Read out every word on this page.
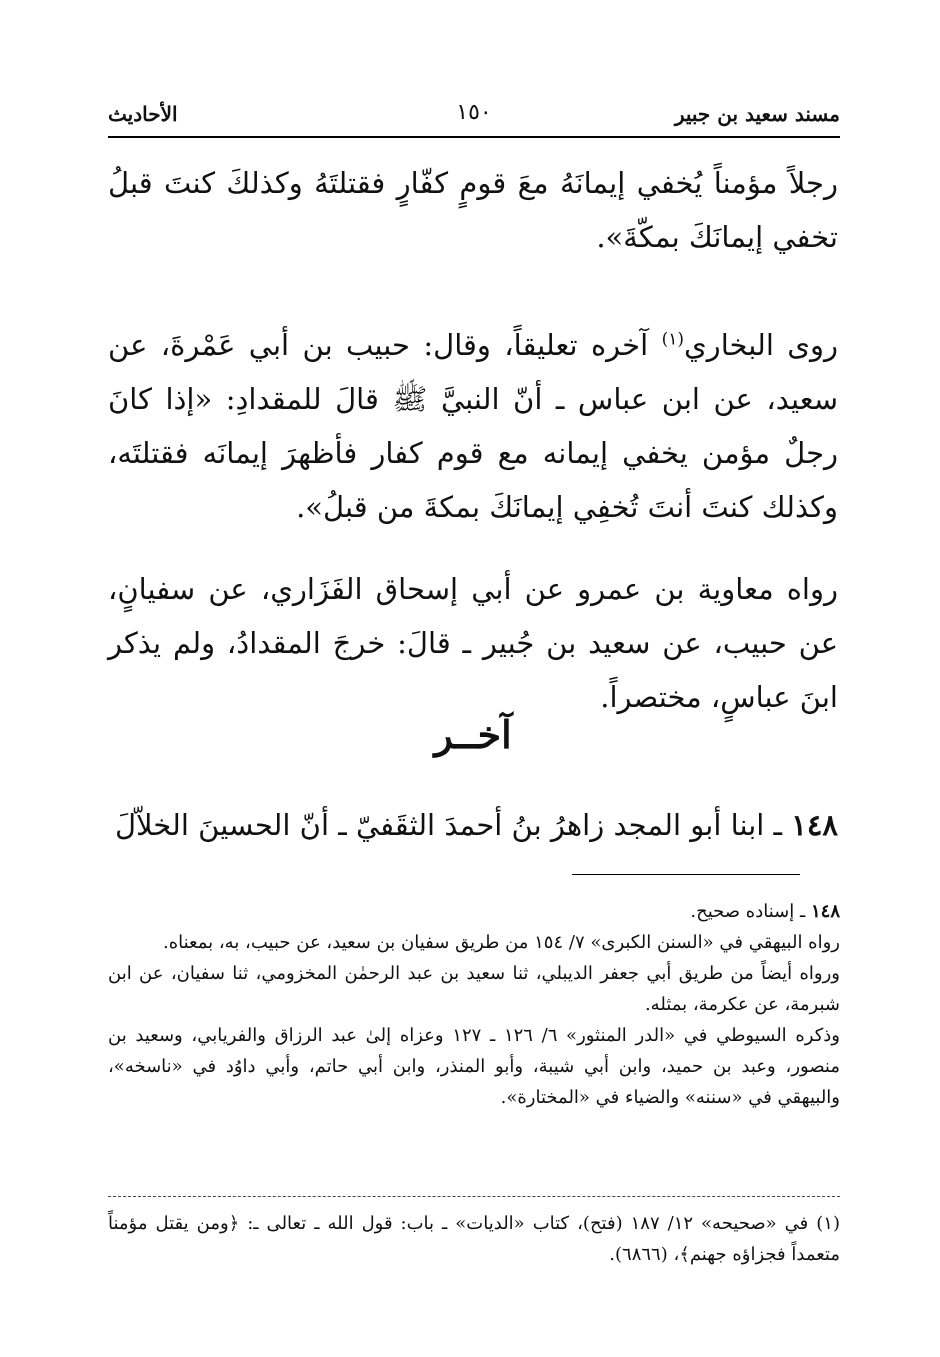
مسند سعيد بن جبير
١٥٠
الأحاديث

رجلاً مؤمناً يُخفي إيمانَهُ معَ قومٍ كفّارٍ فقتلتَهُ وكذلكَ كنتَ قبلُ تخفي إيمانَكَ بمكّةَ».

روى البخاري$^{(١)}$ آخره تعليقاً، وقال: حبيب بن أبي عَمْرةَ، عن سعيد، عن ابن عباس ـ أنّ النبيَّ ﷺ قالَ للمقدادِ: «إذا كانَ رجلٌ مؤمن يخفي إيمانه مع قوم كفار فأظهرَ إيمانَه فقتلتَه، وكذلك كنتَ أنتَ تُخفِي إيمانَكَ بمكةَ من قبلُ».

رواه معاوية بن عمرو عن أبي إسحاق الفَزَاري، عن سفيانٍ، عن حبيب، عن سعيد بن جُبير ـ قالَ: خرجَ المقدادُ، ولم يذكر ابنَ عباسٍ، مختصراً.

آخــر
١٤٨ ـ ابنا أبو المجد زاهرُ بنُ أحمدَ الثقَفيّ ـ أنّ الحسينَ الخلاّلَ

١٤٨ ـ إسناده صحيح.

رواه البيهقي في «السنن الكبرى» ٧/ ١٥٤ من طريق سفيان بن سعيد، عن حبيب، به، بمعناه.

ورواه أيضاً من طريق أبي جعفر الديبلي، ثنا سعيد بن عبد الرحمٰن المخزومي، ثنا سفيان، عن ابن شبرمة، عن عكرمة، بمثله.

وذكره السيوطي في «الدر المنثور» ٦/ ١٢٦ ـ ١٢٧ وعزاه إلىٰ عبد الرزاق والفريابي، وسعيد بن منصور، وعبد بن حميد، وابن أبي شيبة، وأبو المنذر، وابن أبي حاتم، وأبي داوُد في «ناسخه»، والبيهقي في «سننه» والضياء في «المختارة».

(١) في «صحيحه» ١٢/ ١٨٧ (فتح)، كتاب «الديات» ـ باب: قول الله ـ تعالى ـ: ﴿ومن يقتل مؤمناً متعمداً فجزاؤه جهنم﴾، (٦٨٦٦).
